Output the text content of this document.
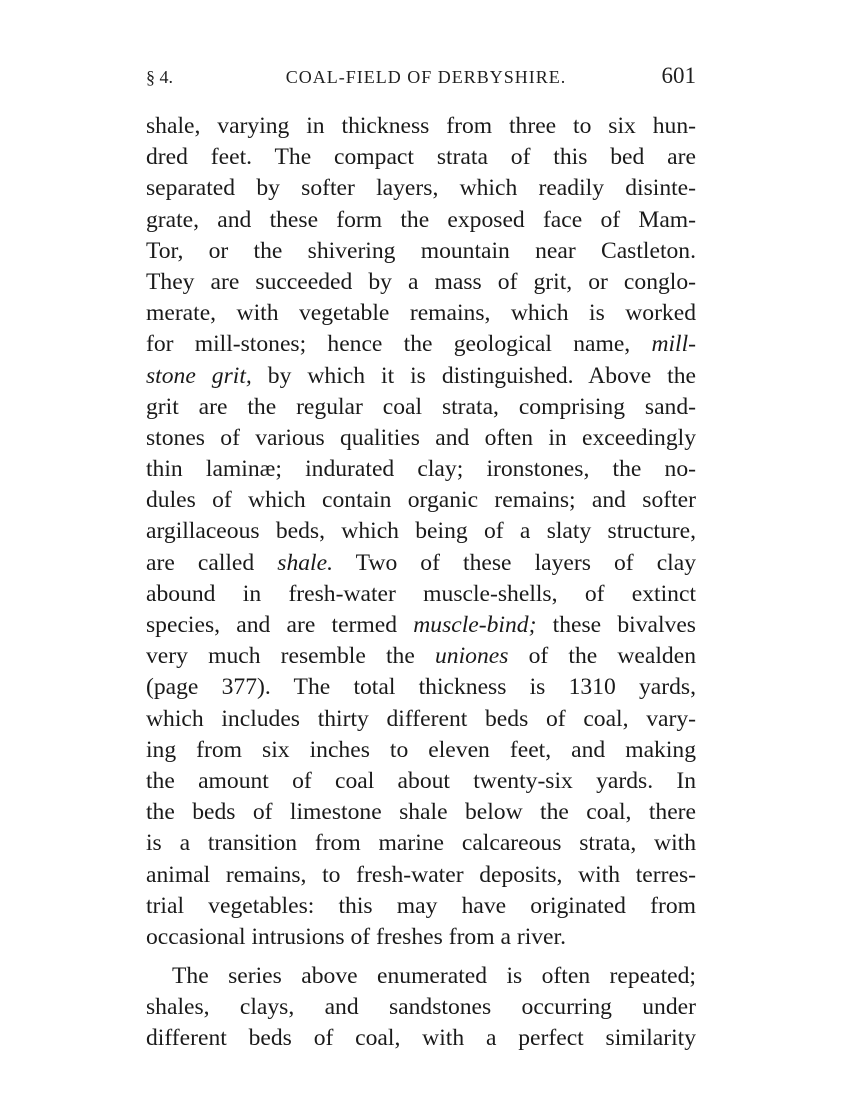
§ 4.	COAL-FIELD OF DERBYSHIRE.	601
shale, varying in thickness from three to six hun-
dred feet. The compact strata of this bed are
separated by softer layers, which readily disinte-
grate, and these form the exposed face of Mam-
Tor, or the shivering mountain near Castleton.
They are succeeded by a mass of grit, or conglo-
merate, with vegetable remains, which is worked
for mill-stones; hence the geological name, mill-
stone grit, by which it is distinguished. Above the
grit are the regular coal strata, comprising sand-
stones of various qualities and often in exceedingly
thin laminæ; indurated clay; ironstones, the no-
dules of which contain organic remains; and softer
argillaceous beds, which being of a slaty structure,
are called shale. Two of these layers of clay
abound in fresh-water muscle-shells, of extinct
species, and are termed muscle-bind; these bivalves
very much resemble the uniones of the wealden
(page 377). The total thickness is 1310 yards,
which includes thirty different beds of coal, vary-
ing from six inches to eleven feet, and making
the amount of coal about twenty-six yards. In
the beds of limestone shale below the coal, there
is a transition from marine calcareous strata, with
animal remains, to fresh-water deposits, with terres-
trial vegetables: this may have originated from
occasional intrusions of freshes from a river.
The series above enumerated is often repeated;
shales, clays, and sandstones occurring under
different beds of coal, with a perfect similarity
